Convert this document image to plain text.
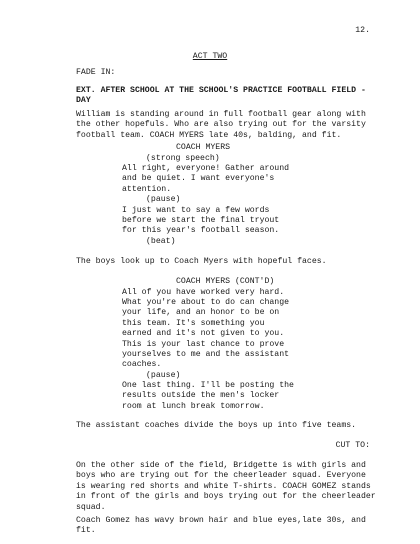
12.
ACT TWO
FADE IN:
EXT. AFTER SCHOOL AT THE SCHOOL'S PRACTICE FOOTBALL FIELD -
DAY
William is standing around in full football gear along with
the other hopefuls. Who are also trying out for the varsity
football team. COACH MYERS late 40s, balding, and fit.
COACH MYERS
(strong speech)
All right, everyone! Gather around
and be quiet. I want everyone's
attention.
(pause)
I just want to say a few words
before we start the final tryout
for this year's football season.
(beat)
The boys look up to Coach Myers with hopeful faces.
COACH MYERS (CONT'D)
All of you have worked very hard.
What you're about to do can change
your life, and an honor to be on
this team. It's something you
earned and it's not given to you.
This is your last chance to prove
yourselves to me and the assistant
coaches.
(pause)
One last thing. I'll be posting the
results outside the men's locker
room at lunch break tomorrow.
The assistant coaches divide the boys up into five teams.
CUT TO:
On the other side of the field, Bridgette is with girls and
boys who are trying out for the cheerleader squad. Everyone
is wearing red shorts and white T-shirts. COACH GOMEZ stands
in front of the girls and boys trying out for the cheerleader
squad.
Coach Gomez has wavy brown hair and blue eyes,late 30s, and
fit.
